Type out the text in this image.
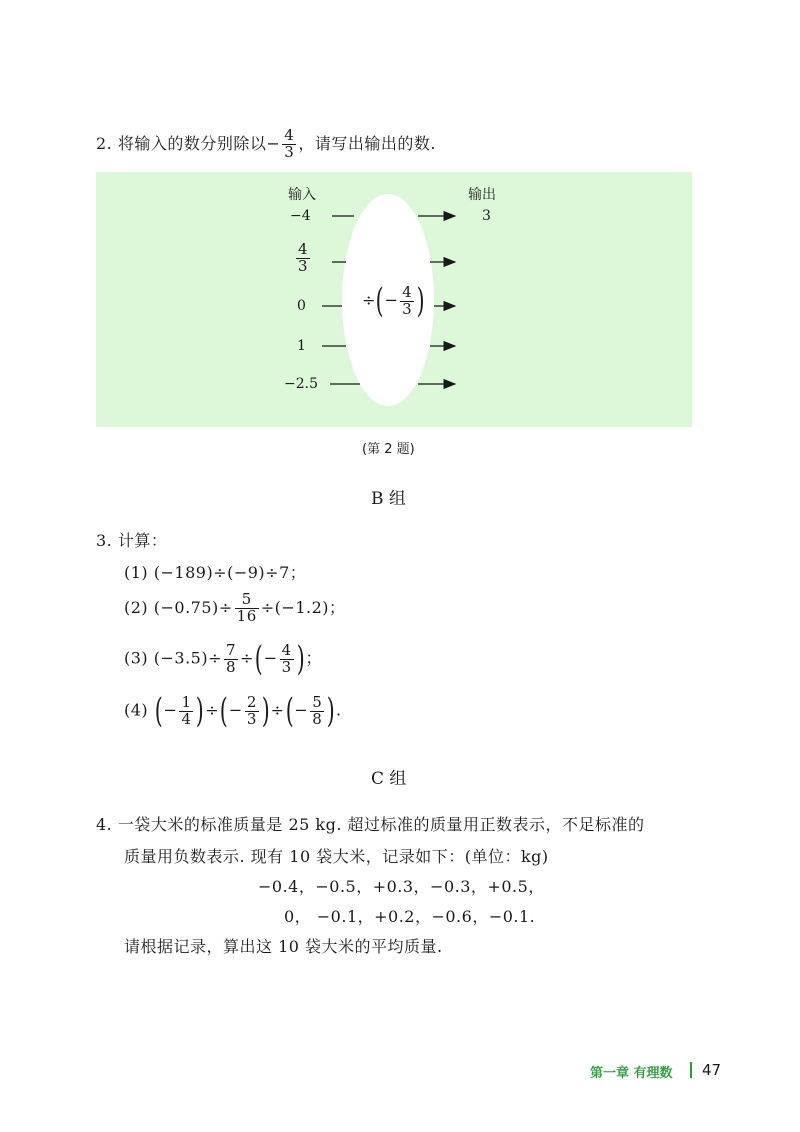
2. 将输入的数分别除以− $\frac{4}{3}$ ，请写出输出的数.
输入	输出
−4
$\frac{4}{3}$
0
1
−2.5
3
÷(− $\frac{4}{3}$ )
(第 2 题)
B 组
3. 计算：
(1) (−189)÷(−9)÷7；
(2) $(-0.75)\div \frac{5}{16} \div(-1.2)$；
(3) $(-3.5)\div \frac{7}{8}$ ÷(− $\frac{4}{3}$ )；
(4) (− $\frac{1}{4}$ )÷(− $\frac{2}{3}$ )÷(− $\frac{5}{8}$ ).
C 组
4. 一袋大米的标准质量是 25 kg. 超过标准的质量用正数表示，不足标准的
质量用负数表示. 现有 10 袋大米，记录如下：(单位：kg)
−0.4，−0.5，+0.3，−0.3，+0.5，
0， −0.1，+0.2，−0.6，−0.1.
请根据记录，算出这 10 袋大米的平均质量.
第一章 有理数 47
